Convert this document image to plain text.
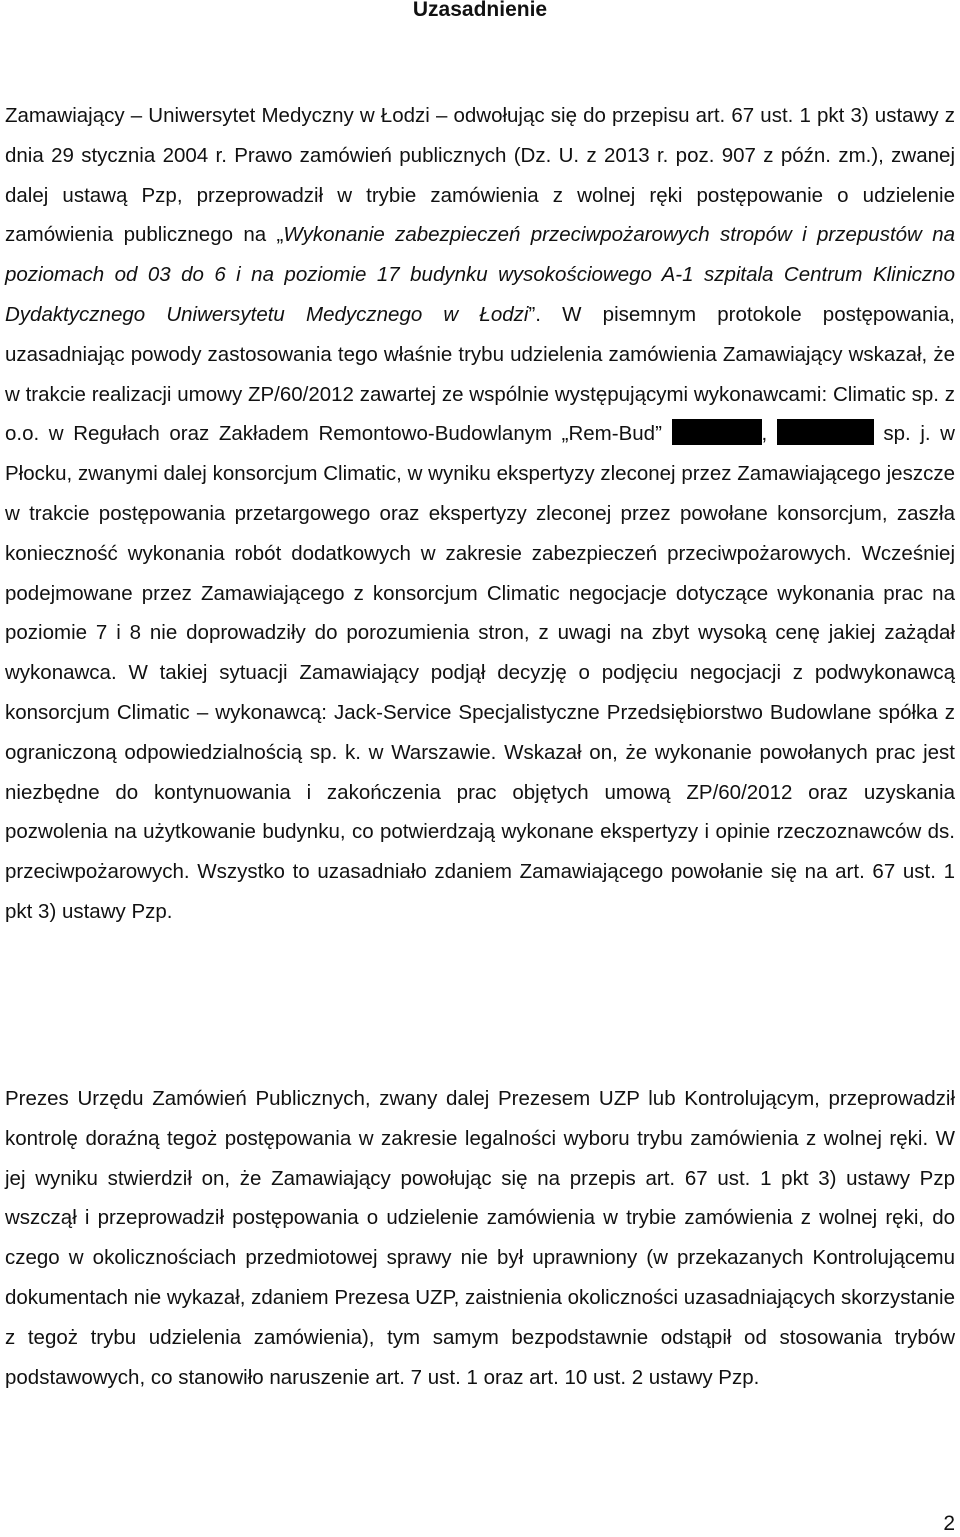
Uzasadnienie

Zamawiający – Uniwersytet Medyczny w Łodzi – odwołując się do przepisu art. 67 ust. 1 pkt 3) ustawy z dnia 29 stycznia 2004 r. Prawo zamówień publicznych (Dz. U. z 2013 r. poz. 907 z późn. zm.), zwanej dalej ustawą Pzp, przeprowadził w trybie zamówienia z wolnej ręki postępowanie o udzielenie zamówienia publicznego na „Wykonanie zabezpieczeń przeciwpożarowych stropów i przepustów na poziomach od 03 do 6 i na poziomie 17 budynku wysokościowego A-1 szpitala Centrum Kliniczno Dydaktycznego Uniwersytetu Medycznego w Łodzi”. W pisemnym protokole postępowania, uzasadniając powody zastosowania tego właśnie trybu udzielenia zamówienia Zamawiający wskazał, że w trakcie realizacji umowy ZP/60/2012 zawartej ze wspólnie występującymi wykonawcami: Climatic sp. z o.o. w Regułach oraz Zakładem Remontowo-Budowlanym „Rem-Bud”	,	sp. j. w Płocku, zwanymi dalej konsorcjum Climatic, w wyniku ekspertyzy zleconej przez Zamawiającego jeszcze w trakcie postępowania przetargowego oraz ekspertyzy zleconej przez powołane konsorcjum, zaszła konieczność wykonania robót dodatkowych w zakresie zabezpieczeń przeciwpożarowych. Wcześniej podejmowane przez Zamawiającego z konsorcjum Climatic negocjacje dotyczące wykonania prac na poziomie 7 i 8 nie doprowadziły do porozumienia stron, z uwagi na zbyt wysoką cenę jakiej zażądał wykonawca. W takiej sytuacji Zamawiający podjął decyzję o podjęciu negocjacji z podwykonawcą konsorcjum Climatic – wykonawcą: Jack-Service Specjalistyczne Przedsiębiorstwo Budowlane spółka z ograniczoną odpowiedzialnością sp. k. w Warszawie. Wskazał on, że wykonanie powołanych prac jest niezbędne do kontynuowania i zakończenia prac objętych umową ZP/60/2012 oraz uzyskania pozwolenia na użytkowanie budynku, co potwierdzają wykonane ekspertyzy i opinie rzeczoznawców ds. przeciwpożarowych. Wszystko to uzasadniało zdaniem Zamawiającego powołanie się na art. 67 ust. 1 pkt 3) ustawy Pzp.

Prezes Urzędu Zamówień Publicznych, zwany dalej Prezesem UZP lub Kontrolującym, przeprowadził kontrolę doraźną tegoż postępowania w zakresie legalności wyboru trybu zamówienia z wolnej ręki. W jej wyniku stwierdził on, że Zamawiający powołując się na przepis art. 67 ust. 1 pkt 3) ustawy Pzp wszczął i przeprowadził postępowania o udzielenie zamówienia w trybie zamówienia z wolnej ręki, do czego w okolicznościach przedmiotowej sprawy nie był uprawniony (w przekazanych Kontrolującemu dokumentach nie wykazał, zdaniem Prezesa UZP, zaistnienia okoliczności uzasadniających skorzystanie z tegoż trybu udzielenia zamówienia), tym samym bezpodstawnie odstąpił od stosowania trybów podstawowych, co stanowiło naruszenie art. 7 ust. 1 oraz art. 10 ust. 2 ustawy Pzp.

2
